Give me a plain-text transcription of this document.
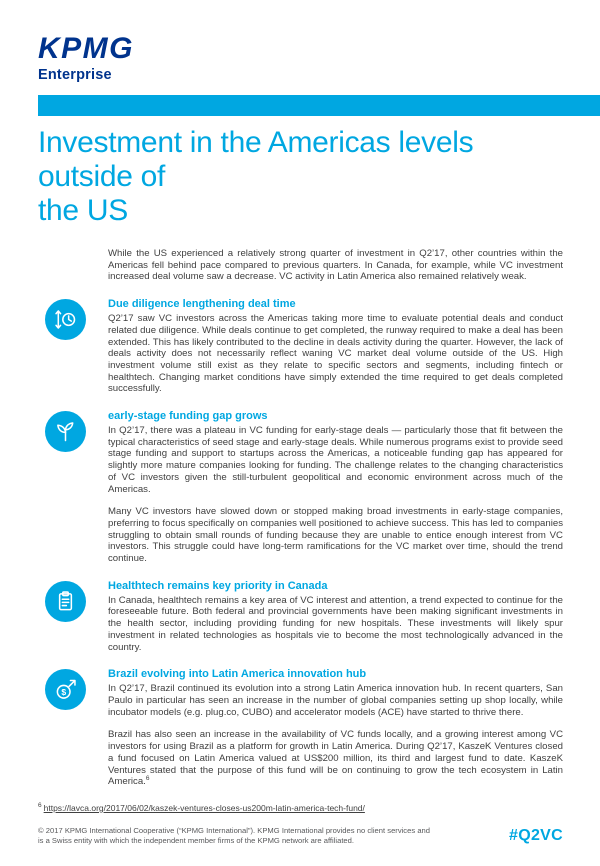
KPMG
Enterprise
Investment in the Americas levels outside of
the US

While the US experienced a relatively strong quarter of investment in Q2’17, other countries within the Americas fell behind pace compared to previous quarters. In Canada, for example, while VC investment increased deal volume saw a decrease. VC activity in Latin America also remained relatively weak.

Due diligence lengthening deal time

Q2’17 saw VC investors across the Americas taking more time to evaluate potential deals and conduct related due diligence. While deals continue to get completed, the runway required to make a deal has been extended. This has likely contributed to the decline in deals activity during the quarter. However, the lack of deals activity does not necessarily reflect waning VC market deal volume outside of the US. High investment volume still exist as they relate to specific sectors and segments, including fintech or healthtech. Changing market conditions have simply extended the time required to get deals completed successfully.

early-stage funding gap grows

In Q2’17, there was a plateau in VC funding for early-stage deals — particularly those that fit between the typical characteristics of seed stage and early-stage deals. While numerous programs exist to provide seed stage funding and support to startups across the Americas, a noticeable funding gap has appeared for slightly more mature companies looking for funding. The challenge relates to the changing characteristics of VC investors given the still-turbulent geopolitical and economic environment across much of the Americas.

Many VC investors have slowed down or stopped making broad investments in early-stage companies, preferring to focus specifically on companies well positioned to achieve success. This has led to companies struggling to obtain small rounds of funding because they are unable to entice enough interest from VC investors. This struggle could have long-term ramifications for the VC market over time, should the trend continue.

Healthtech remains key priority in Canada

In Canada, healthtech remains a key area of VC interest and attention, a trend expected to continue for the foreseeable future. Both federal and provincial governments have been making significant investments in the health sector, including providing funding for new hospitals. These investments will likely spur investment in related technologies as hospitals vie to become the most technologically advanced in the country.

$
Brazil evolving into Latin America innovation hub

In Q2’17, Brazil continued its evolution into a strong Latin America innovation hub. In recent quarters, San Paulo in particular has seen an increase in the number of global companies setting up shop locally, while incubator models (e.g. plug.co, CUBO) and accelerator models (ACE) have started to thrive there.

Brazil has also seen an increase in the availability of VC funds locally, and a growing interest among VC investors for using Brazil as a platform for growth in Latin America. During Q2’17, KaszeK Ventures closed a fund focused on Latin America valued at US$200 million, its third and largest fund to date. KaszeK Ventures stated that the purpose of this fund will be on continuing to grow the tech ecosystem in Latin America.$^6$

$^6$ https://lavca.org/2017/06/02/kaszek-ventures-closes-us200m-latin-america-tech-fund/

© 2017 KPMG International Cooperative (“KPMG International”). KPMG International provides no client services and is a Swiss entity with which the independent member firms of the KPMG network are affiliated.	#Q2VC
